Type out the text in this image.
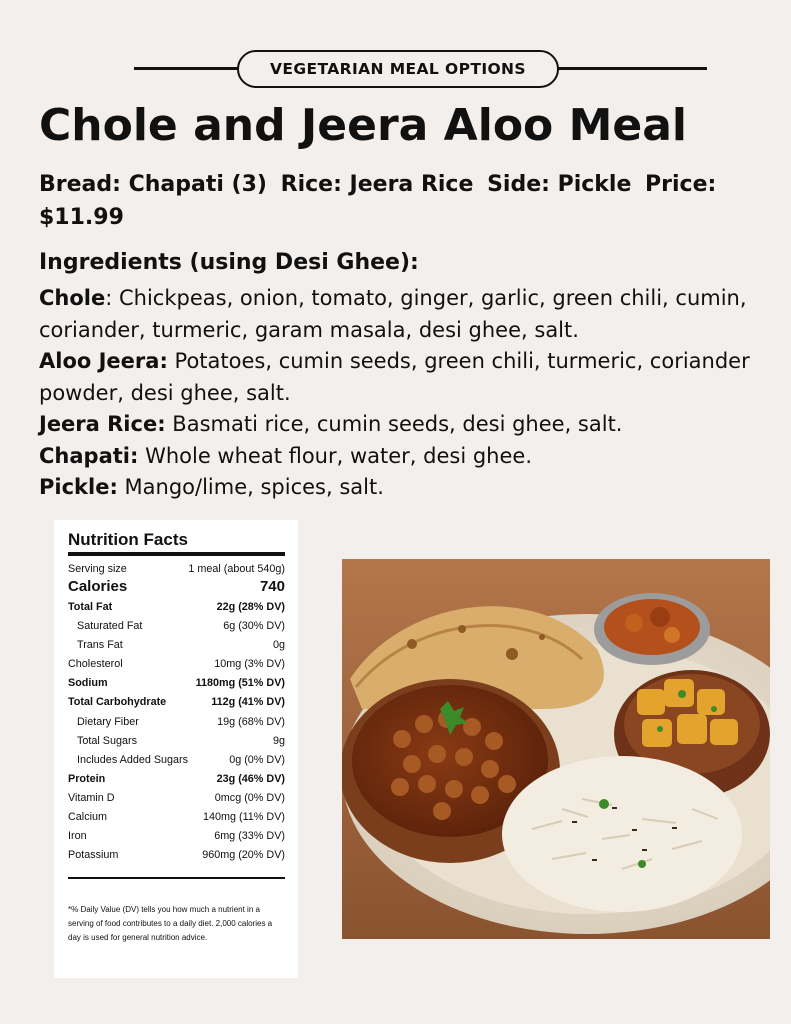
VEGETARIAN MEAL OPTIONS
Chole and Jeera Aloo Meal
Bread: Chapati (3) Rice: Jeera Rice Side: Pickle Price: $11.99
Ingredients (using Desi Ghee):

Chole: Chickpeas, onion, tomato, ginger, garlic, green chili, cumin, coriander, turmeric, garam masala, desi ghee, salt.

Aloo Jeera: Potatoes, cumin seeds, green chili, turmeric, coriander powder, desi ghee, salt.

Jeera Rice: Basmati rice, cumin seeds, desi ghee, salt.

Chapati: Whole wheat flour, water, desi ghee.

Pickle: Mango/lime, spices, salt.

Nutrition Facts
Serving size	1 meal (about 540g)
Calories	740
Total Fat	22g (28% DV)
Saturated Fat	6g (30% DV)
Trans Fat	0g
Cholesterol	10mg (3% DV)
Sodium	1180mg (51% DV)
Total Carbohydrate	112g (41% DV)
Dietary Fiber	19g (68% DV)
Total Sugars	9g
Includes Added Sugars	0g (0% DV)
Protein	23g (46% DV)
Vitamin D	0mcg (0% DV)
Calcium	140mg (11% DV)
Iron	6mg (33% DV)
Potassium	960mg (20% DV)
*% Daily Value (DV) tells you how much a nutrient in a serving of food contributes to a daily diet. 2,000 calories a day is used for general nutrition advice.
